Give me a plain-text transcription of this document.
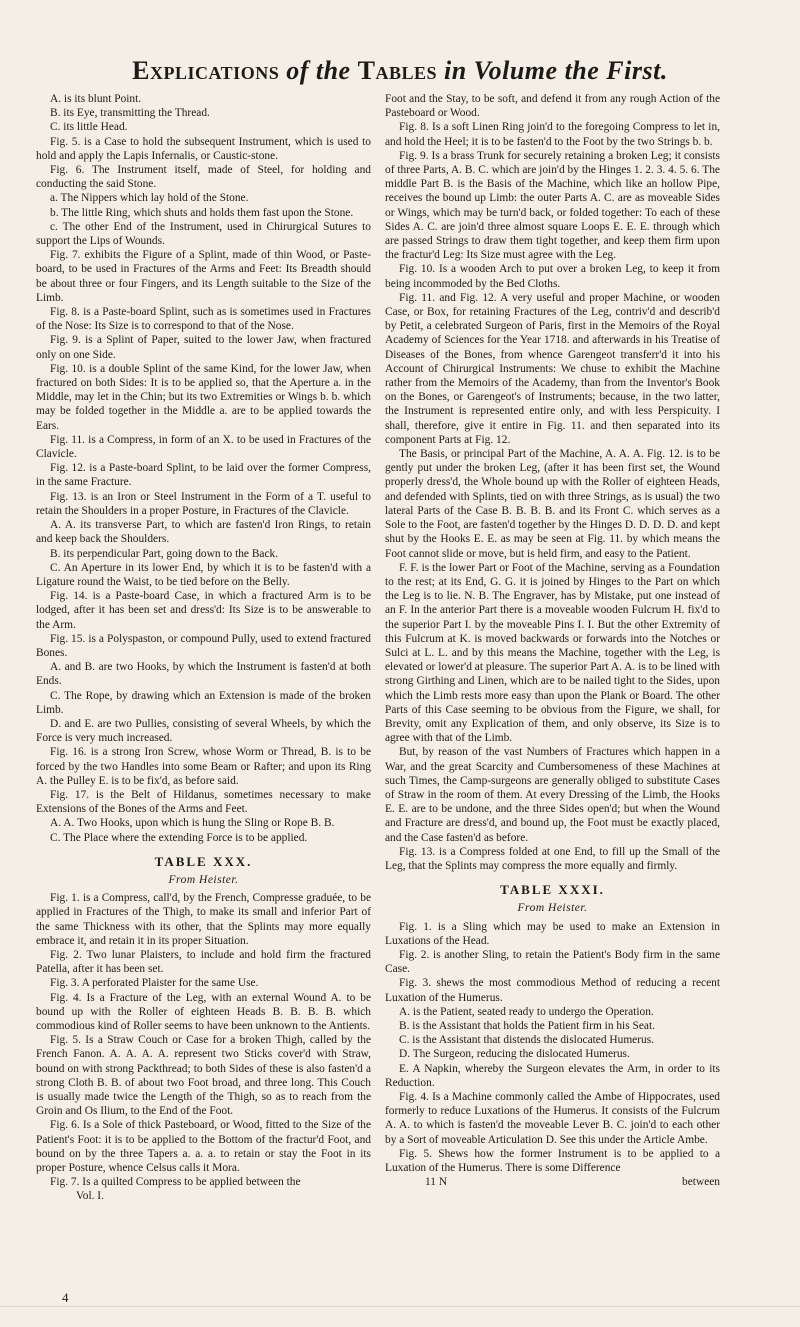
Explications of the Tables in Volume the First.

A. is its blunt Point.

B. its Eye, transmitting the Thread.

C. its little Head.

Fig. 5. is a Case to hold the subsequent Instrument, which is used to hold and apply the Lapis Infernalis, or Caustic-stone.

Fig. 6. The Instrument itself, made of Steel, for holding and conducting the said Stone.

a. The Nippers which lay hold of the Stone.

b. The little Ring, which shuts and holds them fast upon the Stone.

c. The other End of the Instrument, used in Chirurgical Sutures to support the Lips of Wounds.

Fig. 7. exhibits the Figure of a Splint, made of thin Wood, or Paste-board, to be used in Fractures of the Arms and Feet: Its Breadth should be about three or four Fingers, and its Length suitable to the Size of the Limb.

Fig. 8. is a Paste-board Splint, such as is sometimes used in Fractures of the Nose: Its Size is to correspond to that of the Nose.

Fig. 9. is a Splint of Paper, suited to the lower Jaw, when fractured only on one Side.

Fig. 10. is a double Splint of the same Kind, for the lower Jaw, when fractured on both Sides: It is to be applied so, that the Aperture a. in the Middle, may let in the Chin; but its two Extremities or Wings b. b. which may be folded together in the Middle a. are to be applied towards the Ears.

Fig. 11. is a Compress, in form of an X. to be used in Fractures of the Clavicle.

Fig. 12. is a Paste-board Splint, to be laid over the former Compress, in the same Fracture.

Fig. 13. is an Iron or Steel Instrument in the Form of a T. useful to retain the Shoulders in a proper Posture, in Fractures of the Clavicle.

A. A. its transverse Part, to which are fasten'd Iron Rings, to retain and keep back the Shoulders.

B. its perpendicular Part, going down to the Back.

C. An Aperture in its lower End, by which it is to be fasten'd with a Ligature round the Waist, to be tied before on the Belly.

Fig. 14. is a Paste-board Case, in which a fractured Arm is to be lodged, after it has been set and dress'd: Its Size is to be answerable to the Arm.

Fig. 15. is a Polyspaston, or compound Pully, used to extend fractured Bones.

A. and B. are two Hooks, by which the Instrument is fasten'd at both Ends.

C. The Rope, by drawing which an Extension is made of the broken Limb.

D. and E. are two Pullies, consisting of several Wheels, by which the Force is very much increased.

Fig. 16. is a strong Iron Screw, whose Worm or Thread, B. is to be forced by the two Handles into some Beam or Rafter; and upon its Ring A. the Pulley E. is to be fix'd, as before said.

Fig. 17. is the Belt of Hildanus, sometimes necessary to make Extensions of the Bones of the Arms and Feet.

A. A. Two Hooks, upon which is hung the Sling or Rope B. B.

C. The Place where the extending Force is to be applied.

TABLE XXX.
From Heister.

Fig. 1. is a Compress, call'd, by the French, Compresse graduée, to be applied in Fractures of the Thigh, to make its small and inferior Part of the same Thickness with its other, that the Splints may more equally embrace it, and retain it in its proper Situation.

Fig. 2. Two lunar Plaisters, to include and hold firm the fractured Patella, after it has been set.

Fig. 3. A perforated Plaister for the same Use.

Fig. 4. Is a Fracture of the Leg, with an external Wound A. to be bound up with the Roller of eighteen Heads B. B. B. B. which commodious kind of Roller seems to have been unknown to the Antients.

Fig. 5. Is a Straw Couch or Case for a broken Thigh, called by the French Fanon. A. A. A. A. represent two Sticks cover'd with Straw, bound on with strong Packthread; to both Sides of these is also fasten'd a strong Cloth B. B. of about two Foot broad, and three long. This Couch is usually made twice the Length of the Thigh, so as to reach from the Groin and Os Ilium, to the End of the Foot.

Fig. 6. Is a Sole of thick Pasteboard, or Wood, fitted to the Size of the Patient's Foot: it is to be applied to the Bottom of the fractur'd Foot, and bound on by the three Tapers a. a. a. to retain or stay the Foot in its proper Posture, whence Celsus calls it Mora.

Fig. 7. Is a quilted Compress to be applied between the

Vol. I.

Foot and the Stay, to be soft, and defend it from any rough Action of the Pasteboard or Wood.

Fig. 8. Is a soft Linen Ring join'd to the foregoing Compress to let in, and hold the Heel; it is to be fasten'd to the Foot by the two Strings b. b.

Fig. 9. Is a brass Trunk for securely retaining a broken Leg; it consists of three Parts, A. B. C. which are join'd by the Hinges 1. 2. 3. 4. 5. 6. The middle Part B. is the Basis of the Machine, which like an hollow Pipe, receives the bound up Limb: the outer Parts A. C. are as moveable Sides or Wings, which may be turn'd back, or folded together: To each of these Sides A. C. are join'd three almost square Loops E. E. E. through which are passed Strings to draw them tight together, and keep them firm upon the fractur'd Leg: Its Size must agree with the Leg.

Fig. 10. Is a wooden Arch to put over a broken Leg, to keep it from being incommoded by the Bed Cloths.

Fig. 11. and Fig. 12. A very useful and proper Machine, or wooden Case, or Box, for retaining Fractures of the Leg, contriv'd and describ'd by Petit, a celebrated Surgeon of Paris, first in the Memoirs of the Royal Academy of Sciences for the Year 1718. and afterwards in his Treatise of Diseases of the Bones, from whence Garengeot transferr'd it into his Account of Chirurgical Instruments: We chuse to exhibit the Machine rather from the Memoirs of the Academy, than from the Inventor's Book on the Bones, or Garengeot's of Instruments; because, in the two latter, the Instrument is represented entire only, and with less Perspicuity. I shall, therefore, give it entire in Fig. 11. and then separated into its component Parts at Fig. 12.

The Basis, or principal Part of the Machine, A. A. A. Fig. 12. is to be gently put under the broken Leg, (after it has been first set, the Wound properly dress'd, the Whole bound up with the Roller of eighteen Heads, and defended with Splints, tied on with three Strings, as is usual) the two lateral Parts of the Case B. B. B. B. and its Front C. which serves as a Sole to the Foot, are fasten'd together by the Hinges D. D. D. D. and kept shut by the Hooks E. E. as may be seen at Fig. 11. by which means the Foot cannot slide or move, but is held firm, and easy to the Patient.

F. F. is the lower Part or Foot of the Machine, serving as a Foundation to the rest; at its End, G. G. it is joined by Hinges to the Part on which the Leg is to lie. N. B. The Engraver, has by Mistake, put one instead of an F. In the anterior Part there is a moveable wooden Fulcrum H. fix'd to the superior Part I. by the moveable Pins I. I. But the other Extremity of this Fulcrum at K. is moved backwards or forwards into the Notches or Sulci at L. L. and by this means the Machine, together with the Leg, is elevated or lower'd at pleasure. The superior Part A. A. is to be lined with strong Girthing and Linen, which are to be nailed tight to the Sides, upon which the Limb rests more easy than upon the Plank or Board. The other Parts of this Case seeming to be obvious from the Figure, we shall, for Brevity, omit any Explication of them, and only observe, its Size is to agree with that of the Limb.

But, by reason of the vast Numbers of Fractures which happen in a War, and the great Scarcity and Cumbersomeness of these Machines at such Times, the Camp-surgeons are generally obliged to substitute Cases of Straw in the room of them. At every Dressing of the Limb, the Hooks E. E. are to be undone, and the three Sides open'd; but when the Wound and Fracture are dress'd, and bound up, the Foot must be exactly placed, and the Case fasten'd as before.

Fig. 13. is a Compress folded at one End, to fill up the Small of the Leg, that the Splints may compress the more equally and firmly.

TABLE XXXI.
From Heister.

Fig. 1. is a Sling which may be used to make an Extension in Luxations of the Head.

Fig. 2. is another Sling, to retain the Patient's Body firm in the same Case.

Fig. 3. shews the most commodious Method of reducing a recent Luxation of the Humerus.

A. is the Patient, seated ready to undergo the Operation.

B. is the Assistant that holds the Patient firm in his Seat.

C. is the Assistant that distends the dislocated Humerus.

D. The Surgeon, reducing the dislocated Humerus.

E. A Napkin, whereby the Surgeon elevates the Arm, in order to its Reduction.

Fig. 4. Is a Machine commonly called the Ambe of Hippocrates, used formerly to reduce Luxations of the Humerus. It consists of the Fulcrum A. A. to which is fasten'd the moveable Lever B. C. join'd to each other by a Sort of moveable Articulation D. See this under the Article Ambe.

Fig. 5. Shews how the former Instrument is to be applied to a Luxation of the Humerus. There is some Difference

11 N	between
4
